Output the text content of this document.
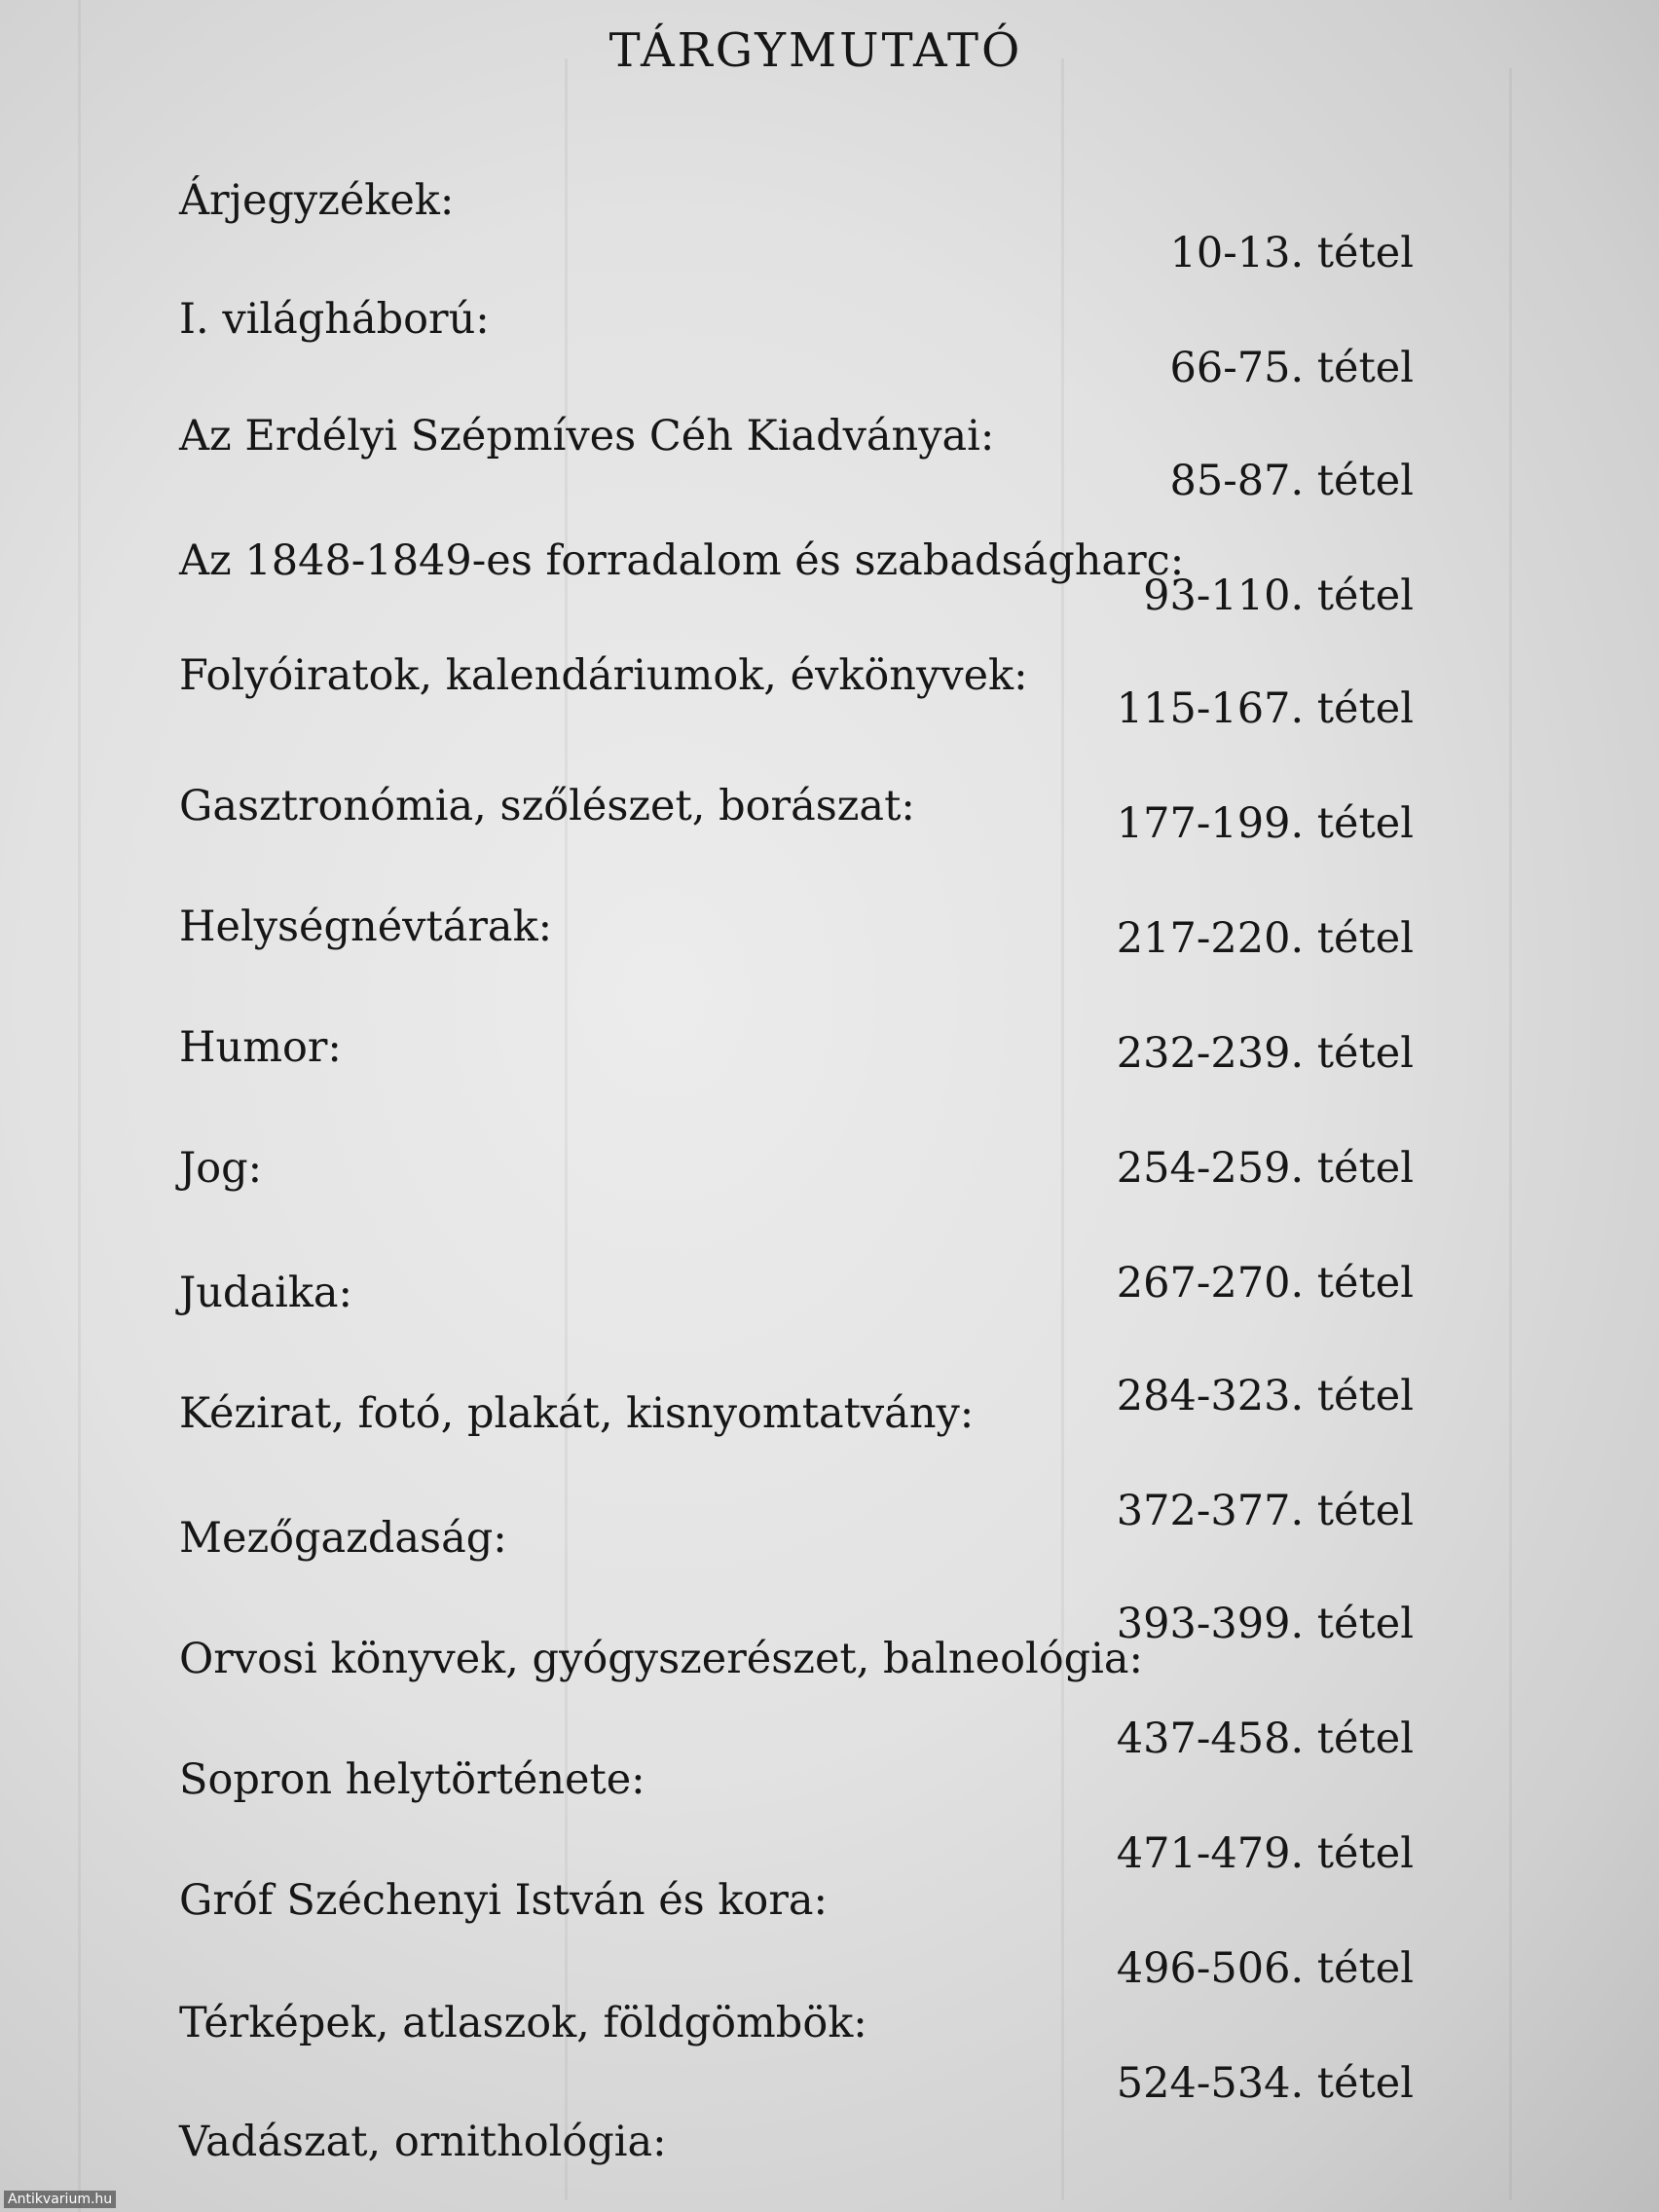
TÁRGYMUTATÓ
Árjegyzékek:
I. világháború:
Az Erdélyi Szépmíves Céh Kiadványai:
Az 1848-1849-es forradalom és szabadságharc:
Folyóiratok, kalendáriumok, évkönyvek:
Gasztronómia, szőlészet, borászat:
Helységnévtárak:
Humor:
Jog:
Judaika:
Kézirat, fotó, plakát, kisnyomtatvány:
Mezőgazdaság:
Orvosi könyvek, gyógyszerészet, balneológia:
Sopron helytörténete:
Gróf Széchenyi István és kora:
Térképek, atlaszok, földgömbök:
Vadászat, ornithológia:
10-13. tétel
66-75. tétel
85-87. tétel
93-110. tétel
115-167. tétel
177-199. tétel
217-220. tétel
232-239. tétel
254-259. tétel
267-270. tétel
284-323. tétel
372-377. tétel
393-399. tétel
437-458. tétel
471-479. tétel
496-506. tétel
524-534. tétel
Antikvarium.hu
